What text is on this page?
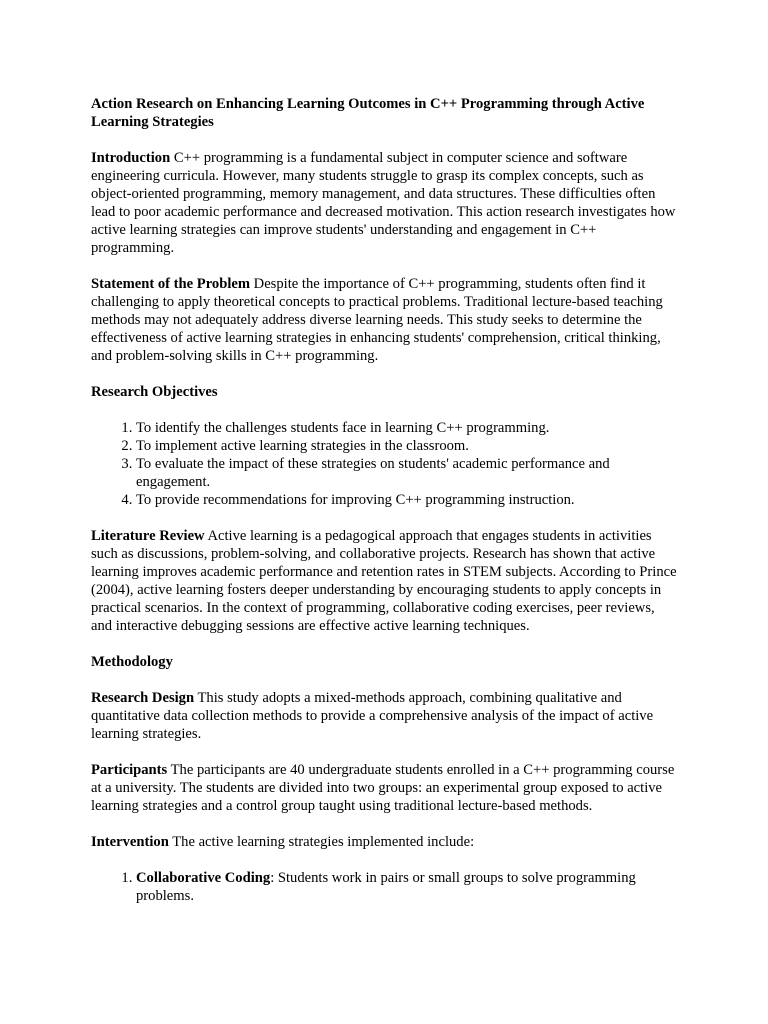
Action Research on Enhancing Learning Outcomes in C++ Programming through Active Learning Strategies

Introduction C++ programming is a fundamental subject in computer science and software engineering curricula. However, many students struggle to grasp its complex concepts, such as object-oriented programming, memory management, and data structures. These difficulties often lead to poor academic performance and decreased motivation. This action research investigates how active learning strategies can improve students' understanding and engagement in C++ programming.

Statement of the Problem Despite the importance of C++ programming, students often find it challenging to apply theoretical concepts to practical problems. Traditional lecture-based teaching methods may not adequately address diverse learning needs. This study seeks to determine the effectiveness of active learning strategies in enhancing students' comprehension, critical thinking, and problem-solving skills in C++ programming.

Research Objectives
1. To identify the challenges students face in learning C++ programming.
2. To implement active learning strategies in the classroom.
3. To evaluate the impact of these strategies on students' academic performance and engagement.
4. To provide recommendations for improving C++ programming instruction.

Literature Review Active learning is a pedagogical approach that engages students in activities such as discussions, problem-solving, and collaborative projects. Research has shown that active learning improves academic performance and retention rates in STEM subjects. According to Prince (2004), active learning fosters deeper understanding by encouraging students to apply concepts in practical scenarios. In the context of programming, collaborative coding exercises, peer reviews, and interactive debugging sessions are effective active learning techniques.

Methodology

Research Design This study adopts a mixed-methods approach, combining qualitative and quantitative data collection methods to provide a comprehensive analysis of the impact of active learning strategies.

Participants The participants are 40 undergraduate students enrolled in a C++ programming course at a university. The students are divided into two groups: an experimental group exposed to active learning strategies and a control group taught using traditional lecture-based methods.

Intervention The active learning strategies implemented include:

1. Collaborative Coding: Students work in pairs or small groups to solve programming problems.
